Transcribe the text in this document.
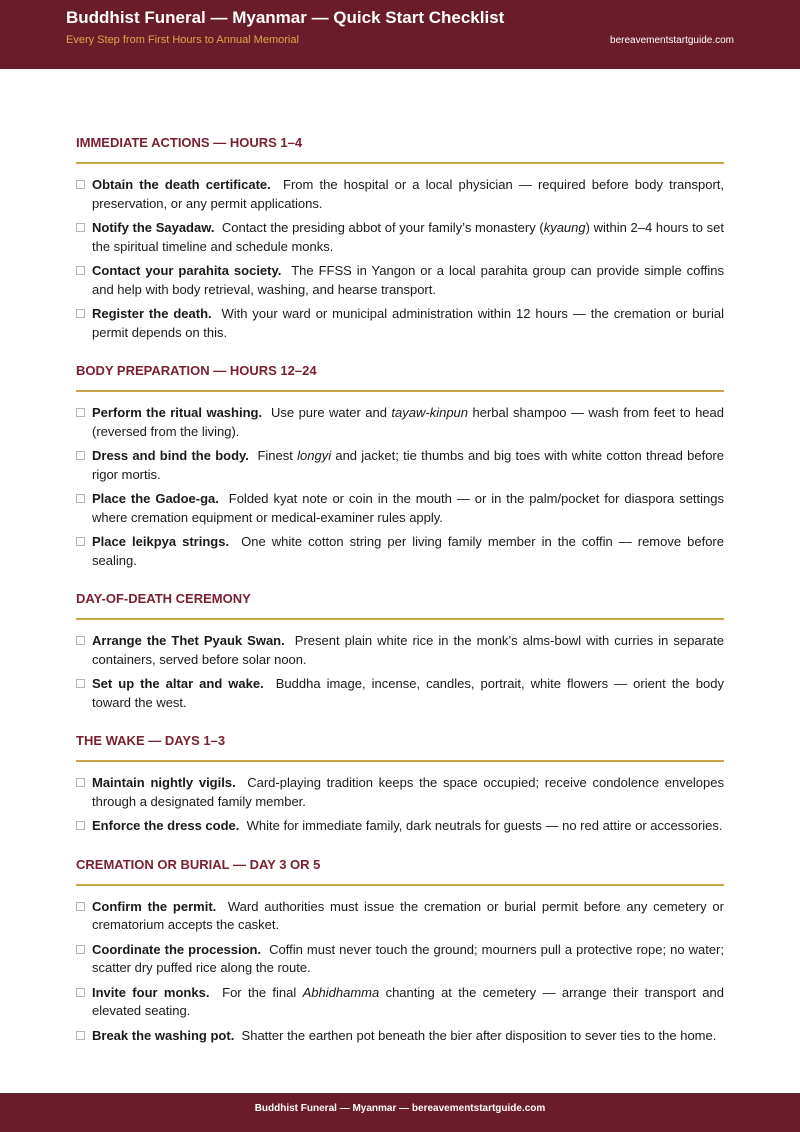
Buddhist Funeral — Myanmar — Quick Start Checklist
Every Step from First Hours to Annual Memorial	bereavementstartguide.com
IMMEDIATE ACTIONS — HOURS 1–4
Obtain the death certificate. From the hospital or a local physician — required before body transport, preservation, or any permit applications.
Notify the Sayadaw. Contact the presiding abbot of your family’s monastery (kyaung) within 2–4 hours to set the spiritual timeline and schedule monks.
Contact your parahita society. The FFSS in Yangon or a local parahita group can provide simple coffins and help with body retrieval, washing, and hearse transport.
Register the death. With your ward or municipal administration within 12 hours — the cremation or burial permit depends on this.
BODY PREPARATION — HOURS 12–24
Perform the ritual washing. Use pure water and tayaw-kinpun herbal shampoo — wash from feet to head (reversed from the living).
Dress and bind the body. Finest longyi and jacket; tie thumbs and big toes with white cotton thread before rigor mortis.
Place the Gadoe-ga. Folded kyat note or coin in the mouth — or in the palm/pocket for diaspora settings where cremation equipment or medical-examiner rules apply.
Place leikpya strings. One white cotton string per living family member in the coffin — remove before sealing.
DAY-OF-DEATH CEREMONY
Arrange the Thet Pyauk Swan. Present plain white rice in the monk’s alms-bowl with curries in separate containers, served before solar noon.
Set up the altar and wake. Buddha image, incense, candles, portrait, white flowers — orient the body toward the west.
THE WAKE — DAYS 1–3
Maintain nightly vigils. Card-playing tradition keeps the space occupied; receive condolence envelopes through a designated family member.
Enforce the dress code. White for immediate family, dark neutrals for guests — no red attire or accessories.
CREMATION OR BURIAL — DAY 3 OR 5
Confirm the permit. Ward authorities must issue the cremation or burial permit before any cemetery or crematorium accepts the casket.
Coordinate the procession. Coffin must never touch the ground; mourners pull a protective rope; no water; scatter dry puffed rice along the route.
Invite four monks. For the final Abhidhamma chanting at the cemetery — arrange their transport and elevated seating.
Break the washing pot. Shatter the earthen pot beneath the bier after disposition to sever ties to the home.
Buddhist Funeral — Myanmar — bereavementstartguide.com
